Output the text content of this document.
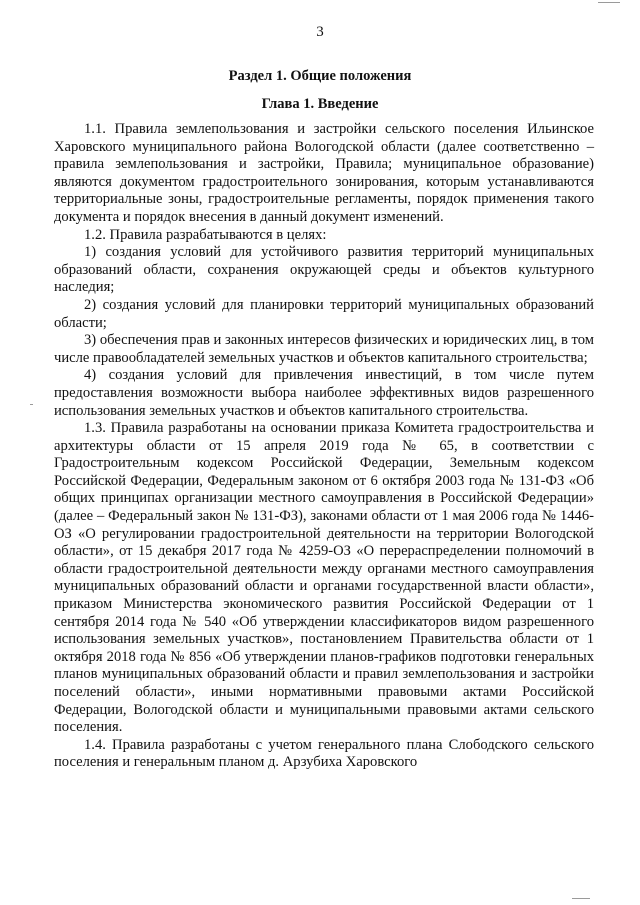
3
Раздел 1. Общие положения
Глава 1. Введение

1.1. Правила землепользования и застройки сельского поселения Ильинское Харовского муниципального района Вологодской области (далее соответственно – правила землепользования и застройки, Правила; муниципальное образование) являются документом градостроительного зонирования, которым устанавливаются территориальные зоны, градостроительные регламенты, порядок применения такого документа и порядок внесения в данный документ изменений.

1.2. Правила разрабатываются в целях:

1) создания условий для устойчивого развития территорий муниципальных образований области, сохранения окружающей среды и объектов культурного наследия;

2) создания условий для планировки территорий муниципальных образований области;

3) обеспечения прав и законных интересов физических и юридических лиц, в том числе правообладателей земельных участков и объектов капитального строительства;

4) создания условий для привлечения инвестиций, в том числе путем предоставления возможности выбора наиболее эффективных видов разрешенного использования земельных участков и объектов капитального строительства.

1.3. Правила разработаны на основании приказа Комитета градостроительства и архитектуры области от 15 апреля 2019 года № 65, в соответствии с Градостроительным кодексом Российской Федерации, Земельным кодексом Российской Федерации, Федеральным законом от 6 октября 2003 года № 131-ФЗ «Об общих принципах организации местного самоуправления в Российской Федерации» (далее – Федеральный закон № 131-ФЗ), законами области от 1 мая 2006 года № 1446-ОЗ «О регулировании градостроительной деятельности на территории Вологодской области», от 15 декабря 2017 года № 4259-ОЗ «О перераспределении полномочий в области градостроительной деятельности между органами местного самоуправления муниципальных образований области и органами государственной власти области», приказом Министерства экономического развития Российской Федерации от 1 сентября 2014 года № 540 «Об утверждении классификаторов видом разрешенного использования земельных участков», постановлением Правительства области от 1 октября 2018 года № 856 «Об утверждении планов-графиков подготовки генеральных планов муниципальных образований области и правил землепользования и застройки поселений области», иными нормативными правовыми актами Российской Федерации, Вологодской области и муниципальными правовыми актами сельского поселения.

1.4. Правила разработаны с учетом генерального плана Слободского сельского поселения и генеральным планом д. Арзубиха Харовского
